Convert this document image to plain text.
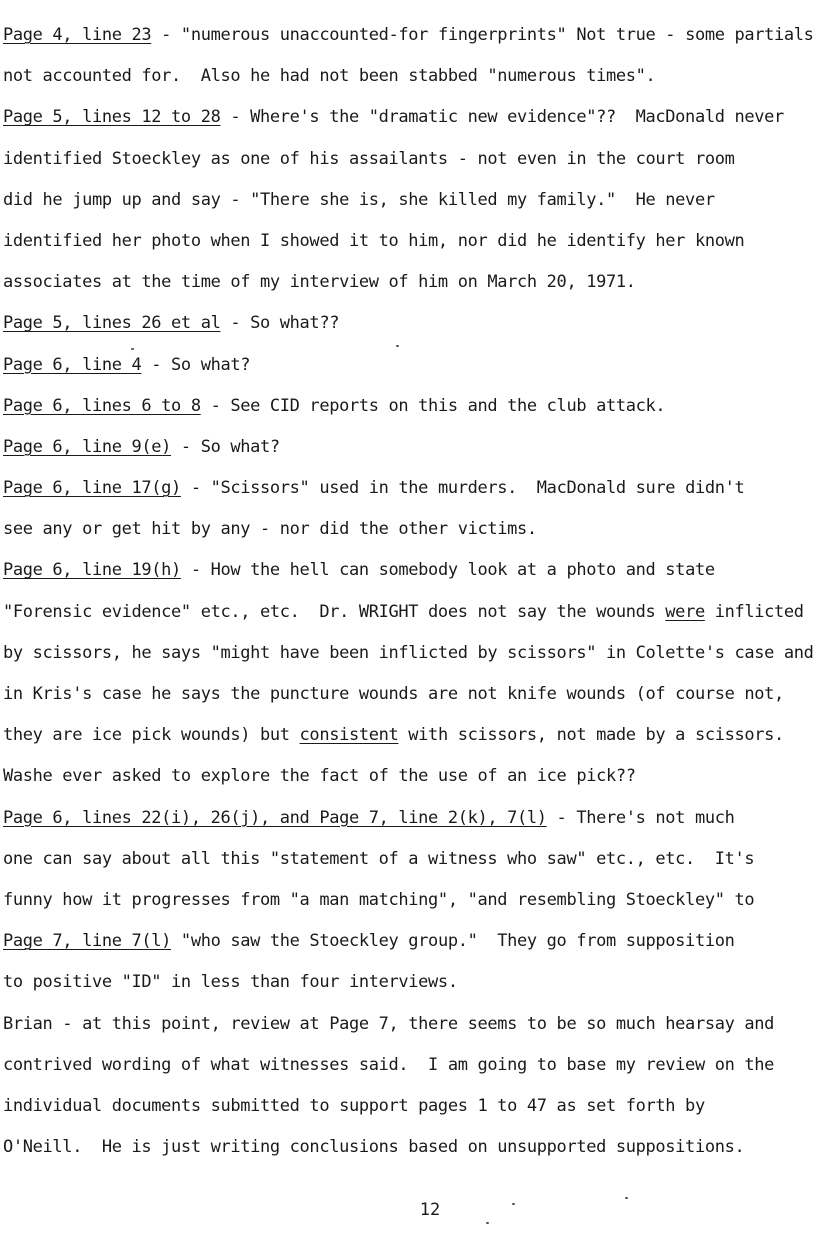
Page 4, line 23 - "numerous unaccounted-for fingerprints" Not true - some partials
not accounted for.  Also he had not been stabbed "numerous times".
Page 5, lines 12 to 28 - Where's the "dramatic new evidence"??  MacDonald never
identified Stoeckley as one of his assailants - not even in the court room
did he jump up and say - "There she is, she killed my family."  He never
identified her photo when I showed it to him, nor did he identify her known
associates at the time of my interview of him on March 20, 1971.
Page 5, lines 26 et al - So what??
Page 6, line 4 - So what?
Page 6, lines 6 to 8 - See CID reports on this and the club attack.
Page 6, line 9(e) - So what?
Page 6, line 17(g) - "Scissors" used in the murders.  MacDonald sure didn't
see any or get hit by any - nor did the other victims.
Page 6, line 19(h) - How the hell can somebody look at a photo and state
"Forensic evidence" etc., etc.  Dr. WRIGHT does not say the wounds were inflicted
by scissors, he says "might have been inflicted by scissors" in Colette's case and
in Kris's case he says the puncture wounds are not knife wounds (of course not,
they are ice pick wounds) but consistent with scissors, not made by a scissors.
Washe ever asked to explore the fact of the use of an ice pick??
Page 6, lines 22(i), 26(j), and Page 7, line 2(k), 7(l) - There's not much
one can say about all this "statement of a witness who saw" etc., etc.  It's
funny how it progresses from "a man matching", "and resembling Stoeckley" to
Page 7, line 7(l) "who saw the Stoeckley group."  They go from supposition
to positive "ID" in less than four interviews.
Brian - at this point, review at Page 7, there seems to be so much hearsay and
contrived wording of what witnesses said.  I am going to base my review on the
individual documents submitted to support pages 1 to 47 as set forth by
O'Neill.  He is just writing conclusions based on unsupported suppositions.
12
